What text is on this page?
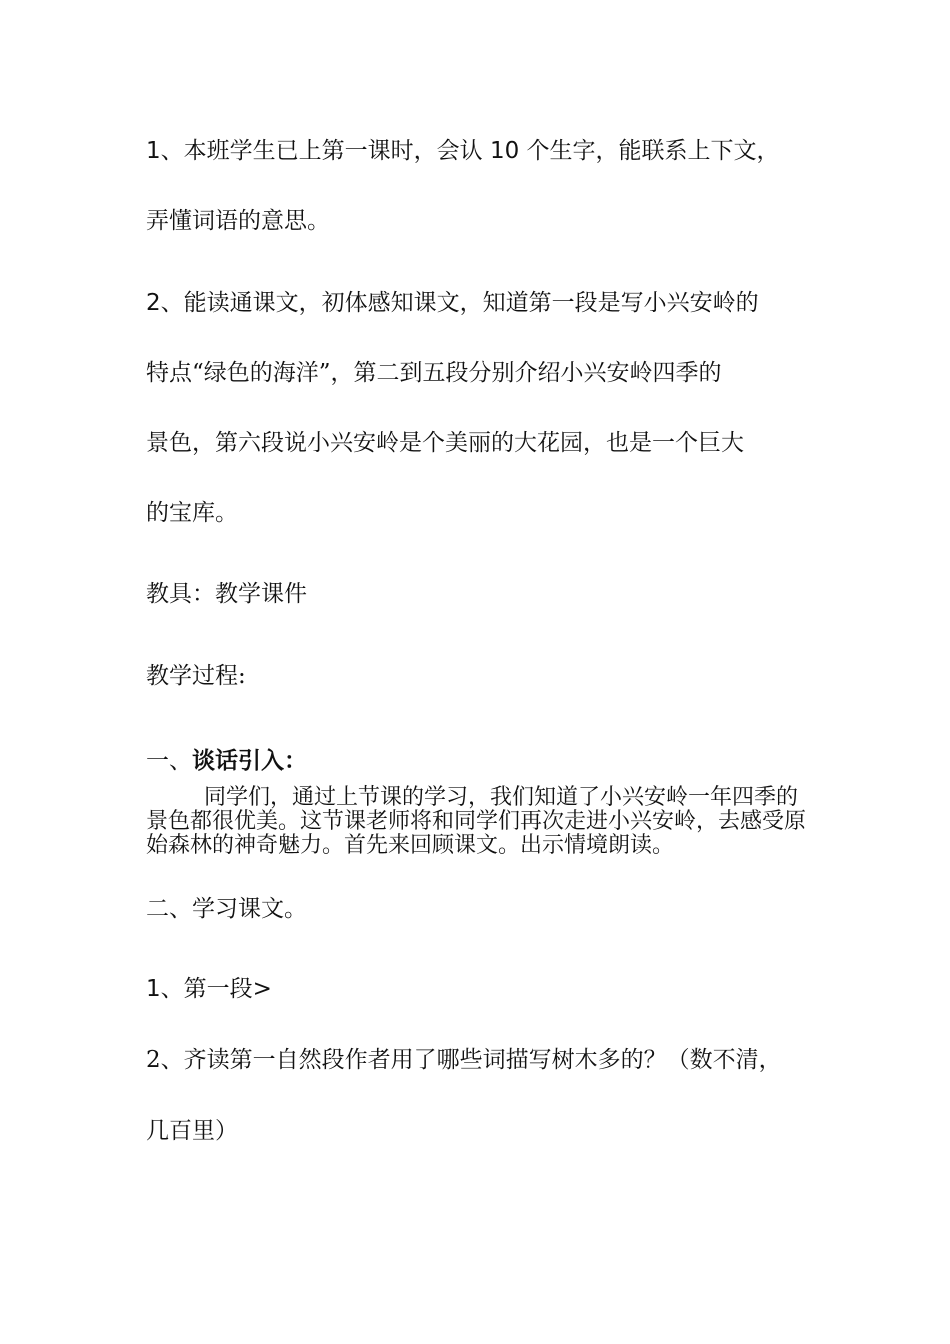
1、本班学生已上第一课时，会认 10 个生字，能联系上下文，
弄懂词语的意思。
2、能读通课文，初体感知课文，知道第一段是写小兴安岭的
特点“绿色的海洋”，第二到五段分别介绍小兴安岭四季的
景色，第六段说小兴安岭是个美丽的大花园，也是一个巨大
的宝库。
教具：教学课件
教学过程:
一、谈话引入：
同学们，通过上节课的学习，我们知道了小兴安岭一年四季的景色都很优美。这节课老师将和同学们再次走进小兴安岭，去感受原始森林的神奇魅力。首先来回顾课文。出示情境朗读。
二、学习课文。
1、第一段>
2、齐读第一自然段作者用了哪些词描写树木多的？（数不清，
几百里）
